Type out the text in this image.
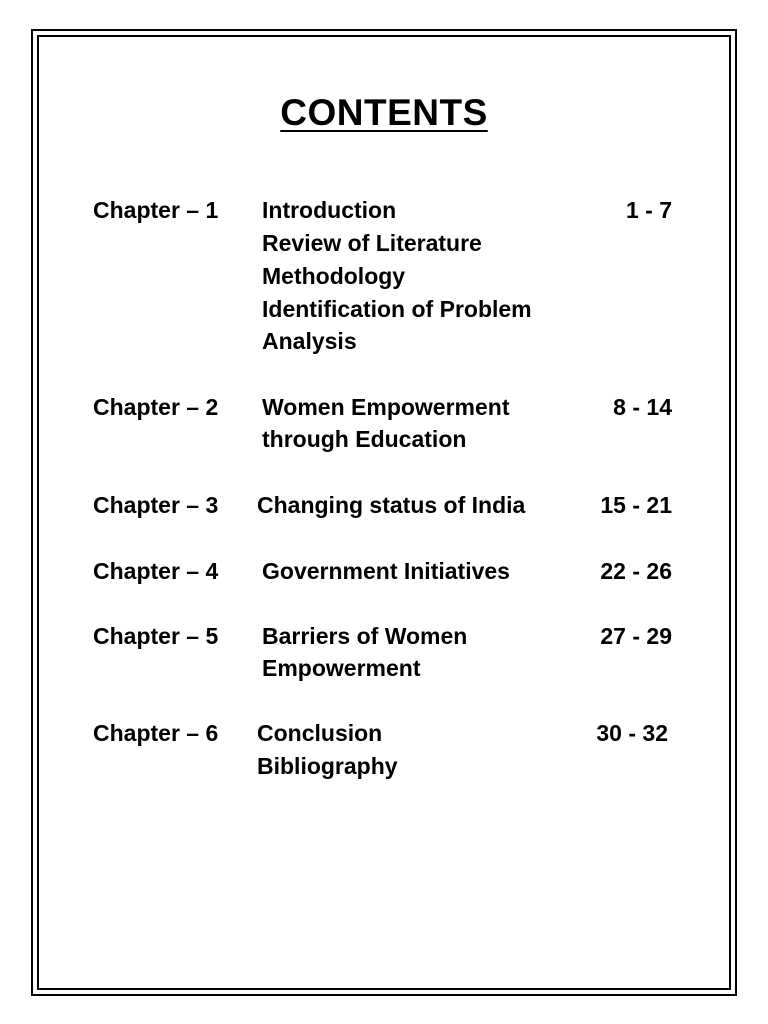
CONTENTS
Chapter – 1 Introduction
Review of Literature
Methodology
Identification of Problem
Analysis
1 - 7
Chapter – 2 Women Empowerment
through Education
8 - 14
Chapter – 3 Changing status of India	15 - 21
Chapter – 4 Government Initiatives	22 - 26
Chapter – 5 Barriers of Women
Empowerment
27 - 29
Chapter – 6 Conclusion
Bibliography
30 - 32
